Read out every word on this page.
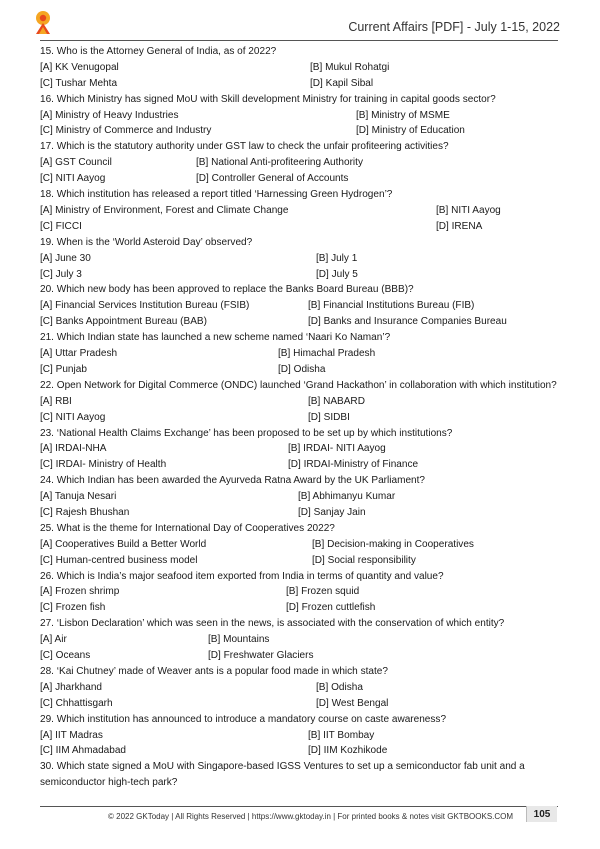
Current Affairs [PDF] - July 1-15, 2022
15. Who is the Attorney General of India, as of 2022?
[A] KK Venugopal	[B] Mukul Rohatgi
[C] Tushar Mehta	[D] Kapil Sibal
16. Which Ministry has signed MoU with Skill development Ministry for training in capital goods sector?
[A] Ministry of Heavy Industries	[B] Ministry of MSME
[C] Ministry of Commerce and Industry	[D] Ministry of Education
17. Which is the statutory authority under GST law to check the unfair profiteering activities?
[A] GST Council	[B] National Anti-profiteering Authority
[C] NITI Aayog	[D] Controller General of Accounts
18. Which institution has released a report titled ‘Harnessing Green Hydrogen’?
[A] Ministry of Environment, Forest and Climate Change	[B] NITI Aayog
[C] FICCI	[D] IRENA
19. When is the ‘World Asteroid Day’ observed?
[A] June 30	[B] July 1
[C] July 3	[D] July 5
20. Which new body has been approved to replace the Banks Board Bureau (BBB)?
[A] Financial Services Institution Bureau (FSIB)	[B] Financial Institutions Bureau (FIB)
[C] Banks Appointment Bureau (BAB)	[D] Banks and Insurance Companies Bureau
21. Which Indian state has launched a new scheme named ‘Naari Ko Naman’?
[A] Uttar Pradesh	[B] Himachal Pradesh
[C] Punjab	[D] Odisha
22. Open Network for Digital Commerce (ONDC) launched ‘Grand Hackathon’ in collaboration with which institution?
[A] RBI	[B] NABARD
[C] NITI Aayog	[D] SIDBI
23. ‘National Health Claims Exchange’ has been proposed to be set up by which institutions?
[A] IRDAI-NHA	[B] IRDAI- NITI Aayog
[C] IRDAI- Ministry of Health	[D] IRDAI-Ministry of Finance
24. Which Indian has been awarded the Ayurveda Ratna Award by the UK Parliament?
[A] Tanuja Nesari	[B] Abhimanyu Kumar
[C] Rajesh Bhushan	[D] Sanjay Jain
25. What is the theme for International Day of Cooperatives 2022?
[A] Cooperatives Build a Better World	[B] Decision-making in Cooperatives
[C] Human-centred business model	[D] Social responsibility
26. Which is India’s major seafood item exported from India in terms of quantity and value?
[A] Frozen shrimp	[B] Frozen squid
[C] Frozen fish	[D] Frozen cuttlefish
27. ‘Lisbon Declaration’ which was seen in the news, is associated with the conservation of which entity?
[A] Air	[B] Mountains
[C] Oceans	[D] Freshwater Glaciers
28. ‘Kai Chutney’ made of Weaver ants is a popular food made in which state?
[A] Jharkhand	[B] Odisha
[C] Chhattisgarh	[D] West Bengal
29. Which institution has announced to introduce a mandatory course on caste awareness?
[A] IIT Madras	[B] IIT Bombay
[C] IIM Ahmadabad	[D] IIM Kozhikode
30. Which state signed a MoU with Singapore-based IGSS Ventures to set up a semiconductor fab unit and a semiconductor high-tech park?
© 2022 GKToday | All Rights Reserved | https://www.gktoday.in | For printed books & notes visit GKTBOOKS.COM	105
